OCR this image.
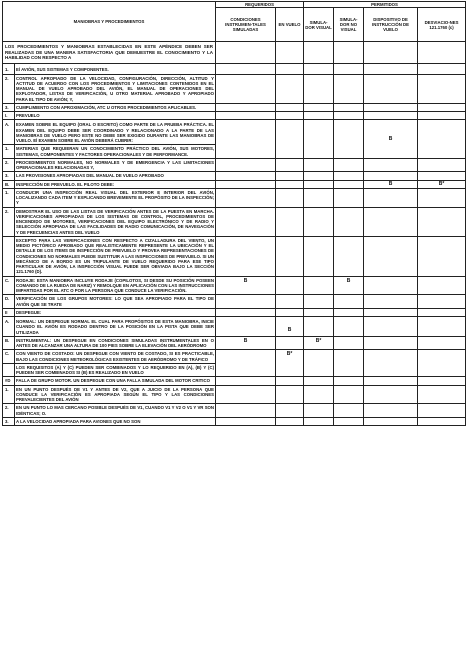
MANIOBRAS Y PROCEDIMIENTOS		REQUERIDOS		PERMITIDOS			
		CONDICIONES INSTRUMEN-TALES SIMULADAS	EN VUELO	SIMULA-DOR VISUAL	SIMULA-DOR NO VISUAL	DISPOSITIVO DE INSTRUCCIÓN DE VUELO	DESVIACIO-NES 121.1760 (c)
LOS PROCEDIMIENTOS Y MANIOBRAS ESTABLECIDAS EN ESTE APÉNDICE DEBEN SER REALIZADAS DE UNA MANERA SATISFACTORIA QUE DEMUESTRE EL CONOCIMIENTO Y LA HABILIDAD CON RESPECTO A							
1.	El AVIÓN, SUS SISTEMAS Y COMPONENTES.						
2.	CONTROL APROPIADO DE LA VELOCIDAD, CONFIGURACIÓN, DIRECCIÓN, ALTITUD Y ACTITUD DE ACUERDO CON LOS PROCEDIMIENTOS Y LIMITACIONES CONTENIDOS EN EL MANUAL DE VUELO APROBADO DEL AVIÓN, EL MANUAL DE OPERACIONES DEL EXPLOTADOR, LISTAS DE VERIFICACIÓN, U OTRO MATERIAL APROBADO Y APROPIADO PARA EL TIPO DE AVIÓN; Y,						
3.	CUMPLIMIENTO CON APROXIMACIÓN, ATC U OTROS PROCEDIMIENTOS APLICABLES.						
I.	PREVUELO						
A.	EXAMEN SOBRE EL EQUIPO (ORAL O ESCRITO) COMO PARTE DE LA PRUEBA PRÁCTICA. EL EXAMEN DEL EQUIPO DEBE SER COORDINADO Y RELACIONADO A LA PARTE DE LAS MANIOBRAS DE VUELO PERO ESTE NO DEBE SER EXIGIDO DURANTE LAS MANIOBRAS DE VUELO. El EXAMEN SOBRE EL AVIÓN DEBERÁ CUBRIR:					B	
1.	MATERIAS QUE REQUIERAN UN CONOCIMIENTO PRÁCTICO DEL AVIÓN, SUS MOTORES, SISTEMAS, COMPONENTES Y FACTORES OPERACIONALES Y DE PERFORMANCE.						
2.	PROCEDIMIENTOS NORMALES, NO NORMALES Y DE EMERGENCIA Y LAS LIMITACIONES OPERACIONALES RELACIONADAS Y,						
3.	LAS PROVISIONES APROPIADAS DEL MANUAL DE VUELO APROBADO						
B.	INSPECCIÓN DE PREVUELO. EL PILOTO DEBE:					B	B*
1.	CONDUCIR UNA INSPECCIÓN REAL VISUAL DEL EXTERIOR E INTERIOR DEL AVIÓN, LOCALIZANDO CADA ITEM Y EXPLICANDO BREVEMENTE EL PROPÓSITO DE LA INSPECCIÓN; Y						
2.	DEMOSTRAR EL USO DE LAS LISTAS DE VERIFICACIÓN ANTES DE LA PUESTA EN MARCHA. VERIFICACIONES APROPIADAS DE LOS SISTEMAS DE CONTROL, PROCEDIMIENTOS DE ENCENDIDO DE MOTORES, VERIFICACIONES DEL EQUIPO ELECTRÓNICO Y DE RADIO Y SELECCIÓN APROPIADA DE LAS FACILIDADES DE RADIO COMUNICACIÓN, DE NAVEGACIÓN Y DE FRECUENCIAS ANTES DEL VUELO						
	EXCEPTO PARA LAS VERIFICACIONES CON RESPECTO A CIZALLADURA DEL VIENTO, UN MEDIO PICTÓRICO APROBADO QUE REALISTICAMENTE REPRESENTE LA UBICACIÓN Y EL DETALLE DE LOS ITEMS DE INSPECCIÓN DE PREVUELO Y PROVEA REPRESENTACIONES DE CONDICIONES NO NORMALES PUEDE SUSTITUIR A LAS INSPECCIONES DE PREVUELO. SI UN MECÁNICO DE A BORDO ES UN TRIPULANTE DE VUELO REQUERIDO PARA ESE TIPO PARTICULAR DE AVIÓN, LA INSPECCIÓN VISUAL PUEDE SER OBVIADA BAJO LA SECCIÓN 121.1760 (D).						
C.	RODAJE: ESTA MANIOBRA INCLUYE RODAJE (COPILOTOS, SI DESDE SU POSICIÓN POSEEN COMANDO DE LA RUEDA DE NARIZ) Y REMOLQUE EN APLICACIÓN CON LAS INSTRUCCIONES IMPARTIDAS POR EL ATC O POR LA PERSONA QUE CONDUCE LA VERIFICACIÓN.	B			B		
D.	VERIFICACIÓN DE LOS GRUPOS MOTORES: LO QUE SEA APROPIADO PARA EL TIPO DE AVIÓN QUE SE TRATE						
II	DESPEGUE:						
A.	NORMAL: UN DESPEGUE NORMAL EL CUAL PARA PROPÓSITOS DE ESTA MANIOBRA, INICIE CUANDO EL AVIÓN ES RODADO DENTRO DE LA POSICIÓN EN LA PISTA QUE DEBE SER UTILIZADA		B				
B.	INSTRUMENTAL: UN DESPEGUE EN CONDICIONES SIMULADAS INSTRUMENTALES EN O ANTES DE ALCANZAR UNA ALTURA DE 100 PIES SOBRE LA ELEVACIÓN DEL AERÓDROMO	B		B*			
C.	CON VIENTO DE COSTADO: UN DESPEGUE CON VIENTO DE COSTADO, SI ES PRACTICABLE, BAJO LAS CONDICIONES METEOROLÓGICAS EXISTENTES DE AERÓDROMO Y DE TRÁFICO		B*				
	LOS REQUISITOS (A) Y (C) PUEDEN SER COMBINADOS Y LO REQUERIDO EN (A), (B) Y (C) PUEDEN SER COMBINADOS SI (B) ES REALIZADO EN VUELO						
#D	FALLA DE GRUPO MOTOR. UN DESPEGUE CON UNA FALLA SIMULADA DEL MOTOR CRITICO						
1.	EN UN PUNTO DESPUÉS DE V1 Y ANTES DE V2, QUE A JUICIO DE LA PERSONA QUE CONDUCE LA VERIFICACIÓN ES APROPIADA SEGÚN EL TIPO Y LAS CONDICIONES PREVALECIENTES DEL AVIÓN						
2.	EN UN PUNTO LO MAS CERCANO POSIBLE DESPUÉS DE V1, CUANDO V1 Y V2 O V1 Y VR SON IDÉNTICAS; O.						
3.	A LA VELOCIDAD APROPIADA PARA AVIONES QUE NO SON						
